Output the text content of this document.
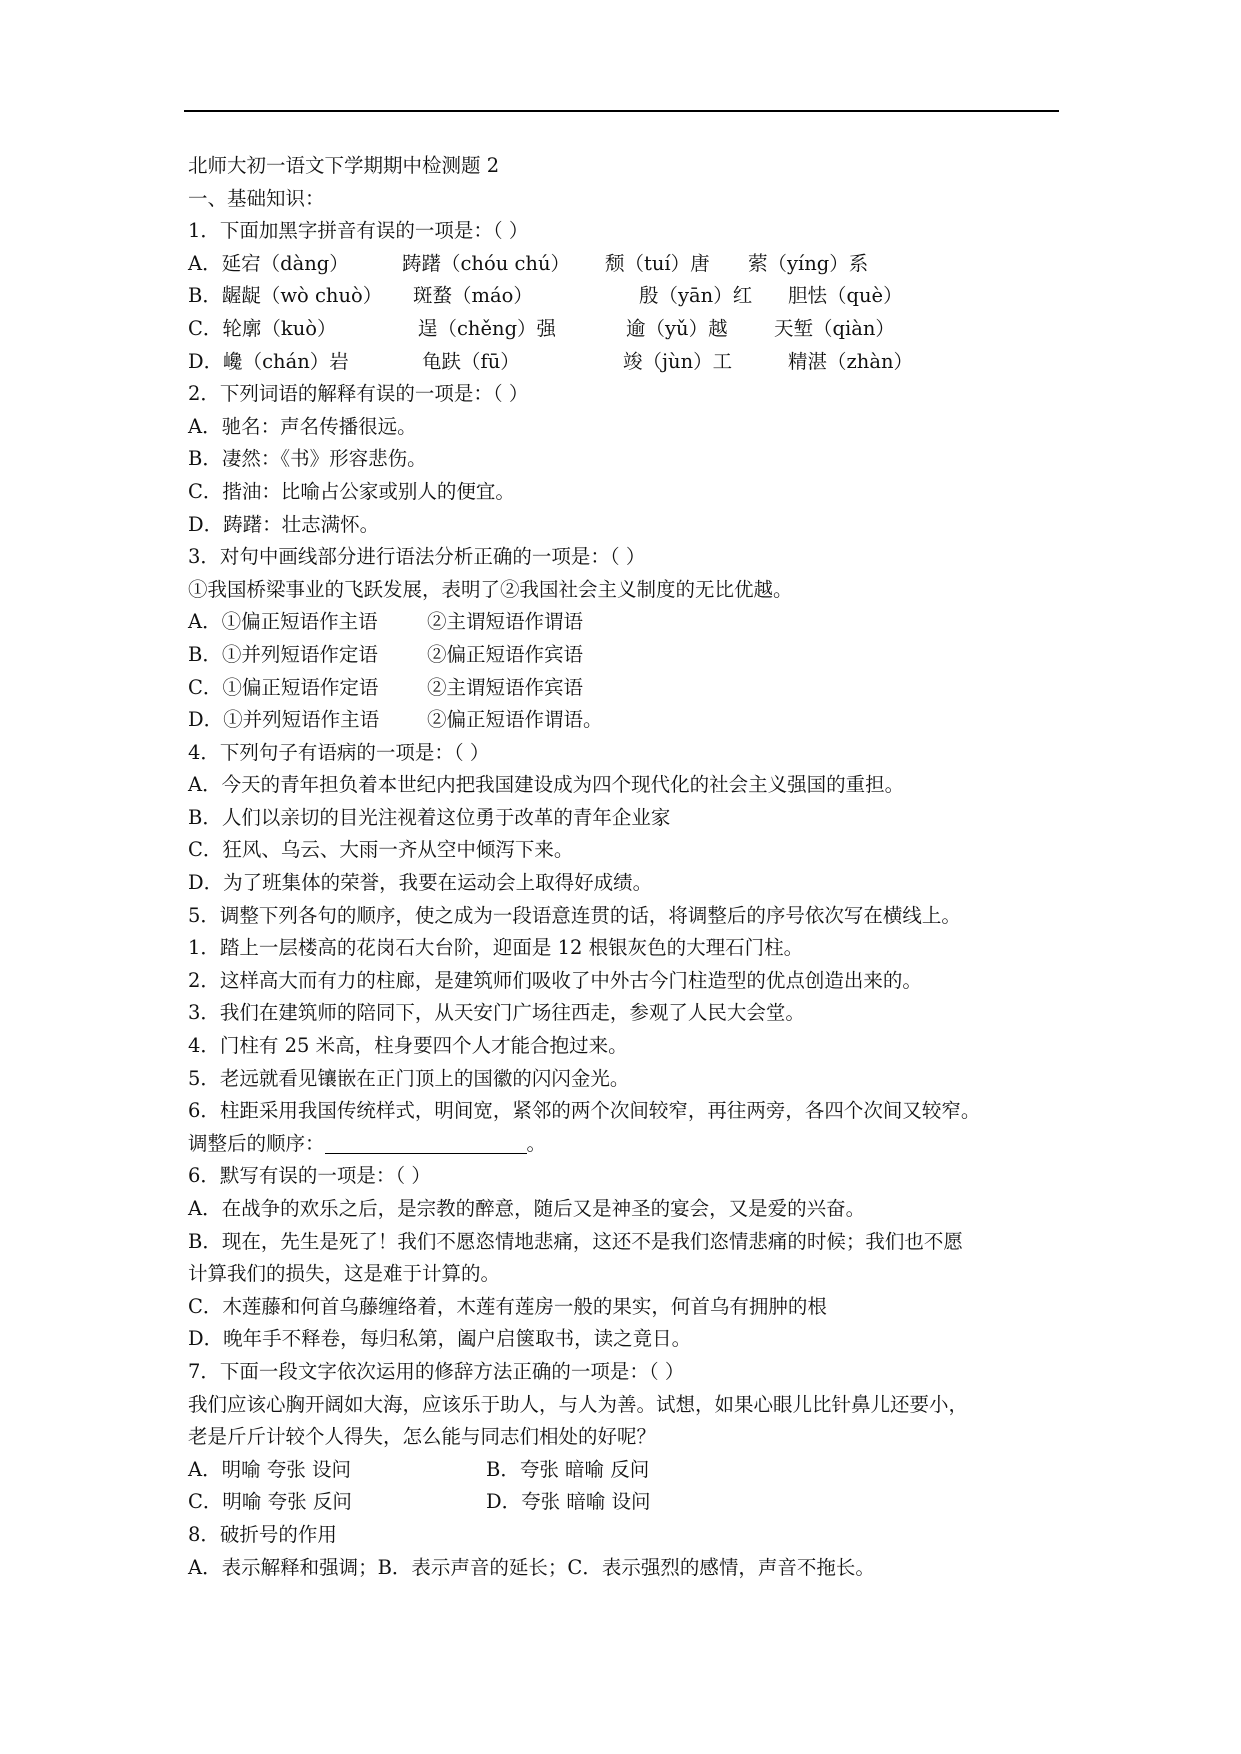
北师大初一语文下学期期中检测题 2
一、基础知识：
1．下面加黑字拼音有误的一项是：（ ）
A．延宕（dàng）	踌躇（chóu chú） 颓（tuí）唐 萦（yíng）系
B．龌龊（wò chuò） 斑蝥（máo）	殷（yān）红 胆怯（què）
C．轮廓（kuò）	逞（chěng）强	逾（yǔ）越 天堑（qiàn）
D．巉（chán）岩	龟趺（fū）	竣（jùn）工	精湛（zhàn）
2．下列词语的解释有误的一项是：（ ）
A．驰名：声名传播很远。
B．凄然：《书》形容悲伤。
C．揩油：比喻占公家或别人的便宜。
D．踌躇：壮志满怀。
3．对句中画线部分进行语法分析正确的一项是：（ ）
①我国桥梁事业的飞跃发展，表明了②我国社会主义制度的无比优越。
A．①偏正短语作主语	②主谓短语作谓语
B．①并列短语作定语	②偏正短语作宾语
C．①偏正短语作定语 ②主谓短语作宾语
D．①并列短语作主语 ②偏正短语作谓语。
4．下列句子有语病的一项是：（ ）
A．今天的青年担负着本世纪内把我国建设成为四个现代化的社会主义强国的重担。
B．人们以亲切的目光注视着这位勇于改革的青年企业家
C．狂风、乌云、大雨一齐从空中倾泻下来。
D．为了班集体的荣誉，我要在运动会上取得好成绩。
5．调整下列各句的顺序，使之成为一段语意连贯的话，将调整后的序号依次写在横线上。
1．踏上一层楼高的花岗石大台阶，迎面是 12 根银灰色的大理石门柱。
2．这样高大而有力的柱廊，是建筑师们吸收了中外古今门柱造型的优点创造出来的。
3．我们在建筑师的陪同下，从天安门广场往西走，参观了人民大会堂。
4．门柱有 25 米高，柱身要四个人才能合抱过来。
5．老远就看见镶嵌在正门顶上的国徽的闪闪金光。
6．柱距采用我国传统样式，明间宽，紧邻的两个次间较窄，再往两旁，各四个次间又较窄。
调整后的顺序：	。
6．默写有误的一项是：（ ）
A．在战争的欢乐之后，是宗教的醉意，随后又是神圣的宴会，又是爱的兴奋。
B．现在，先生是死了！我们不愿恣情地悲痛，这还不是我们恣情悲痛的时候；我们也不愿
计算我们的损失，这是难于计算的。
C．木莲藤和何首乌藤缠络着，木莲有莲房一般的果实，何首乌有拥肿的根
D．晚年手不释卷，每归私第，阖户启箧取书，读之竟日。
7．下面一段文字依次运用的修辞方法正确的一项是：（ ）
我们应该心胸开阔如大海，应该乐于助人，与人为善。试想，如果心眼儿比针鼻儿还要小，
老是斤斤计较个人得失，怎么能与同志们相处的好呢？
A．明喻 夸张 设问	B．夸张 暗喻 反问
C．明喻 夸张 反问	D．夸张 暗喻 设问
8．破折号的作用
A．表示解释和强调；B．表示声音的延长；C．表示强烈的感情，声音不拖长。
